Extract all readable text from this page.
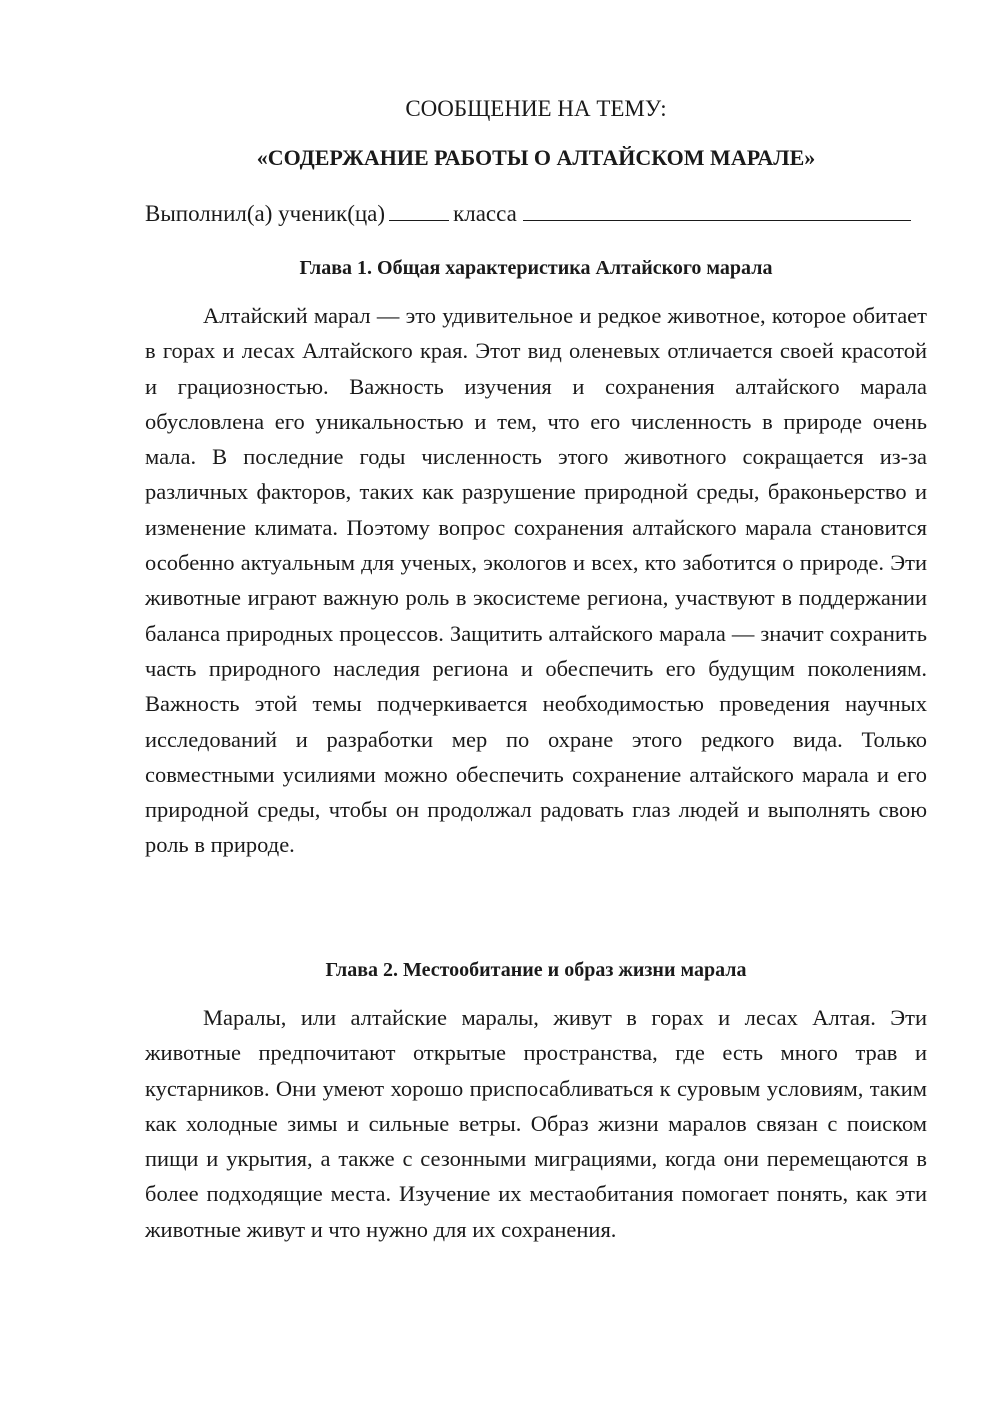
СООБЩЕНИЕ НА ТЕМУ:

«СОДЕРЖАНИЕ РАБОТЫ О АЛТАЙСКОМ МАРАЛЕ»

Выполнил(а) ученик(ца)	класса
Глава 1. Общая характеристика Алтайского марала

Алтайский марал — это удивительное и редкое животное, которое обитает в горах и лесах Алтайского края. Этот вид оленевых отличается своей красотой и грациозностью. Важность изучения и сохранения алтайского марала обусловлена его уникальностью и тем, что его численность в природе очень мала. В последние годы численность этого животного сокращается из-за различных факторов, таких как разрушение природной среды, браконьерство и изменение климата. Поэтому вопрос сохранения алтайского марала становится особенно актуальным для ученых, экологов и всех, кто заботится о природе. Эти животные играют важную роль в экосистеме региона, участвуют в поддержании баланса природных процессов. Защитить алтайского марала — значит сохранить часть природного наследия региона и обеспечить его будущим поколениям. Важность этой темы подчеркивается необходимостью проведения научных исследований и разработки мер по охране этого редкого вида. Только совместными усилиями можно обеспечить сохранение алтайского марала и его природной среды, чтобы он продолжал радовать глаз людей и выполнять свою роль в природе.

Глава 2. Местообитание и образ жизни марала

Маралы, или алтайские маралы, живут в горах и лесах Алтая. Эти животные предпочитают открытые пространства, где есть много трав и кустарников. Они умеют хорошо приспосабливаться к суровым условиям, таким как холодные зимы и сильные ветры. Образ жизни маралов связан с поиском пищи и укрытия, а также с сезонными миграциями, когда они перемещаются в более подходящие места. Изучение их местаобитания помогает понять, как эти животные живут и что нужно для их сохранения.
